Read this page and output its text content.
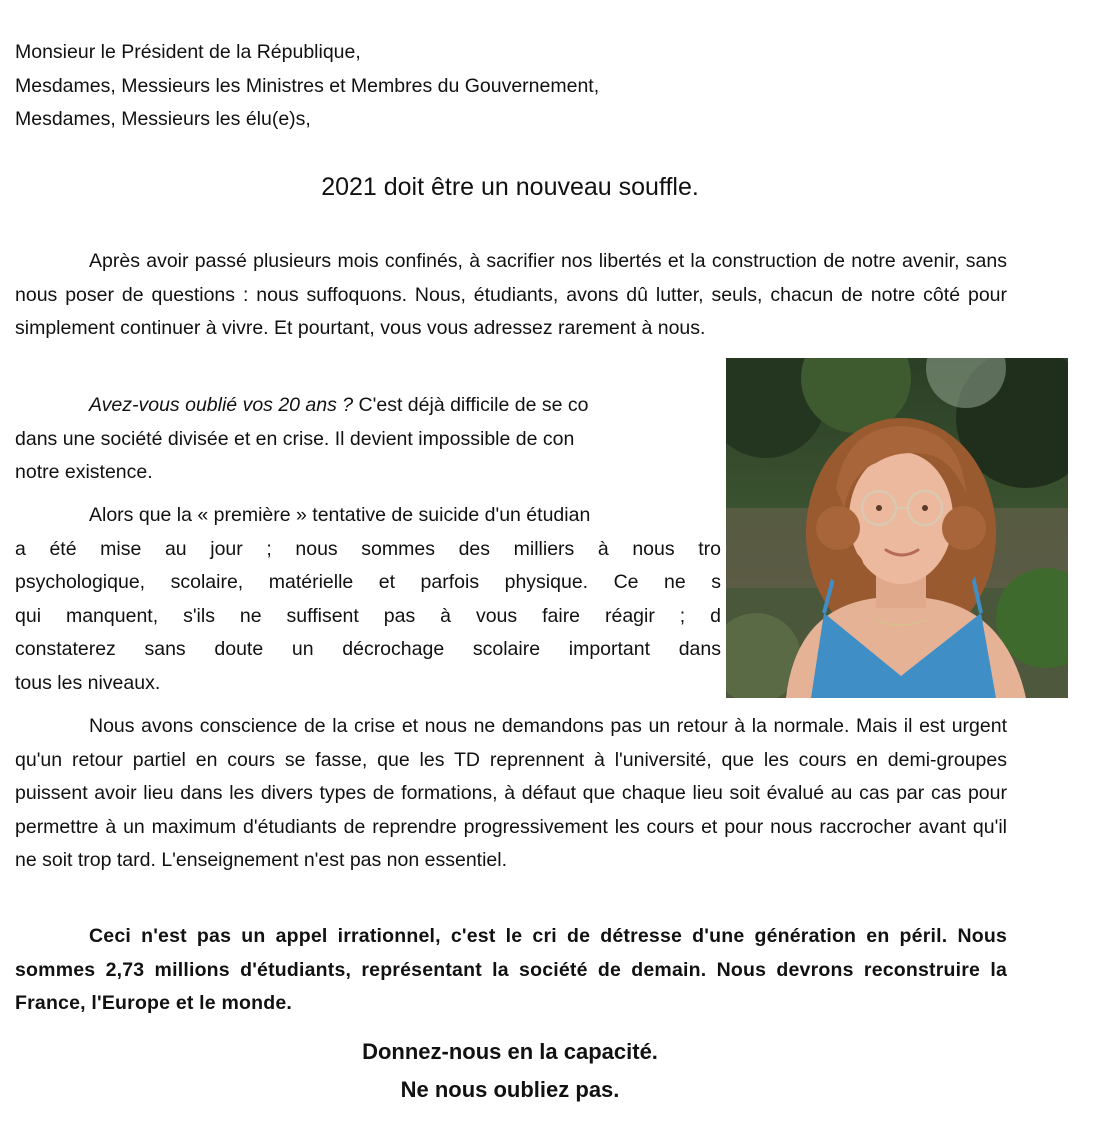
Monsieur le Président de la République,
Mesdames, Messieurs les Ministres et Membres du Gouvernement,
Mesdames, Messieurs les élu(e)s,
2021 doit être un nouveau souffle.
Après avoir passé plusieurs mois confinés, à sacrifier nos libertés et la construction de notre avenir, sans nous poser de questions : nous suffoquons. Nous, étudiants, avons dû lutter, seuls, chacun de notre côté pour simplement continuer à vivre. Et pourtant, vous vous adressez rarement à nous.
Avez-vous oublié vos 20 ans ? C'est déjà difficile de se co
dans une société divisée et en crise. Il devient impossible de con
notre existence.
Alors que la « première » tentative de suicide d'un étudian
a été mise au jour ; nous sommes des milliers à nous tro
psychologique, scolaire, matérielle et parfois physique. Ce ne s
qui manquent, s'ils ne suffisent pas à vous faire réagir ; d
constaterez sans doute un décrochage scolaire important dans
tous les niveaux.
Nous avons conscience de la crise et nous ne demandons pas un retour à la normale. Mais il est urgent qu'un retour partiel en cours se fasse, que les TD reprennent à l'université, que les cours en demi-groupes puissent avoir lieu dans les divers types de formations, à défaut que chaque lieu soit évalué au cas par cas pour permettre à un maximum d'étudiants de reprendre progressivement les cours et pour nous raccrocher avant qu'il ne soit trop tard. L'enseignement n'est pas non essentiel.
Ceci n'est pas un appel irrationnel, c'est le cri de détresse d'une génération en péril. Nous sommes 2,73 millions d'étudiants, représentant la société de demain. Nous devrons reconstruire la France, l'Europe et le monde.
Donnez-nous en la capacité.
Ne nous oubliez pas.
